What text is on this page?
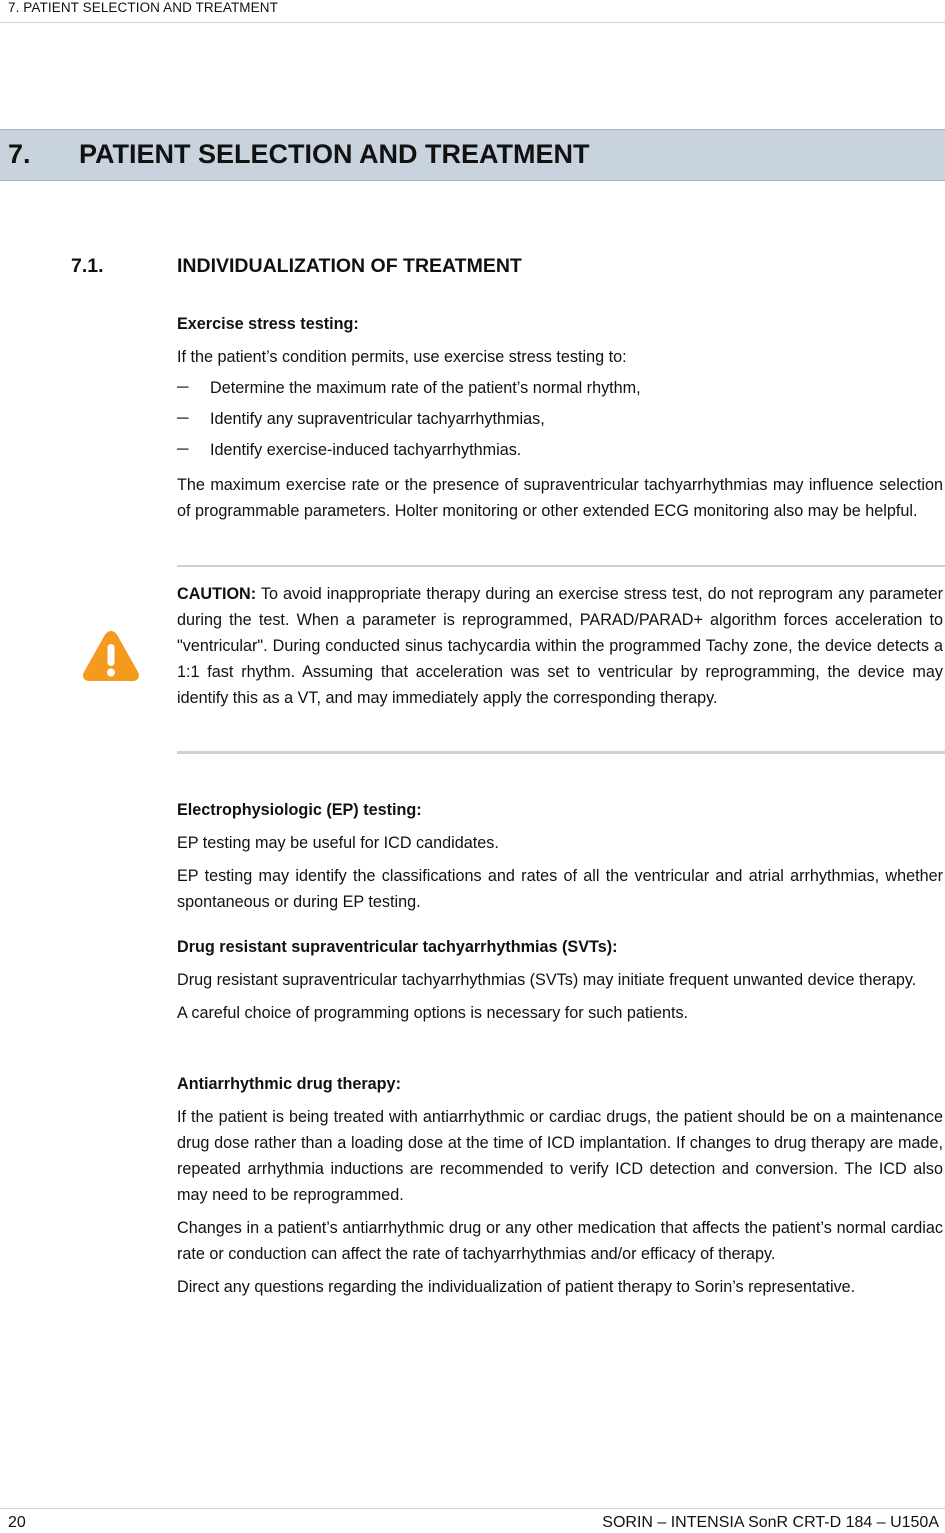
7. PATIENT SELECTION AND TREATMENT
7. PATIENT SELECTION AND TREATMENT
7.1.	INDIVIDUALIZATION OF TREATMENT

Exercise stress testing:

If the patient’s condition permits, use exercise stress testing to:

─ Determine the maximum rate of the patient’s normal rhythm,
─ Identify any supraventricular tachyarrhythmias,
─ Identify exercise-induced tachyarrhythmias.

The maximum exercise rate or the presence of supraventricular tachyarrhythmias may influence selection of programmable parameters. Holter monitoring or other extended ECG monitoring also may be helpful.

CAUTION: To avoid inappropriate therapy during an exercise stress test, do not reprogram any parameter during the test. When a parameter is reprogrammed, PARAD/PARAD+ algorithm forces acceleration to "ventricular". During conducted sinus tachycardia within the programmed Tachy zone, the device detects a 1:1 fast rhythm. Assuming that acceleration was set to ventricular by reprogramming, the device may identify this as a VT, and may immediately apply the corresponding therapy.

Electrophysiologic (EP) testing:

EP testing may be useful for ICD candidates.

EP testing may identify the classifications and rates of all the ventricular and atrial arrhythmias, whether spontaneous or during EP testing.

Drug resistant supraventricular tachyarrhythmias (SVTs):

Drug resistant supraventricular tachyarrhythmias (SVTs) may initiate frequent unwanted device therapy.

A careful choice of programming options is necessary for such patients.

Antiarrhythmic drug therapy:

If the patient is being treated with antiarrhythmic or cardiac drugs, the patient should be on a maintenance drug dose rather than a loading dose at the time of ICD implantation. If changes to drug therapy are made, repeated arrhythmia inductions are recommended to verify ICD detection and conversion. The ICD also may need to be reprogrammed.

Changes in a patient’s antiarrhythmic drug or any other medication that affects the patient’s normal cardiac rate or conduction can affect the rate of tachyarrhythmias and/or efficacy of therapy.

Direct any questions regarding the individualization of patient therapy to Sorin’s representative.

20	SORIN – INTENSIA SonR CRT-D 184 – U150A
